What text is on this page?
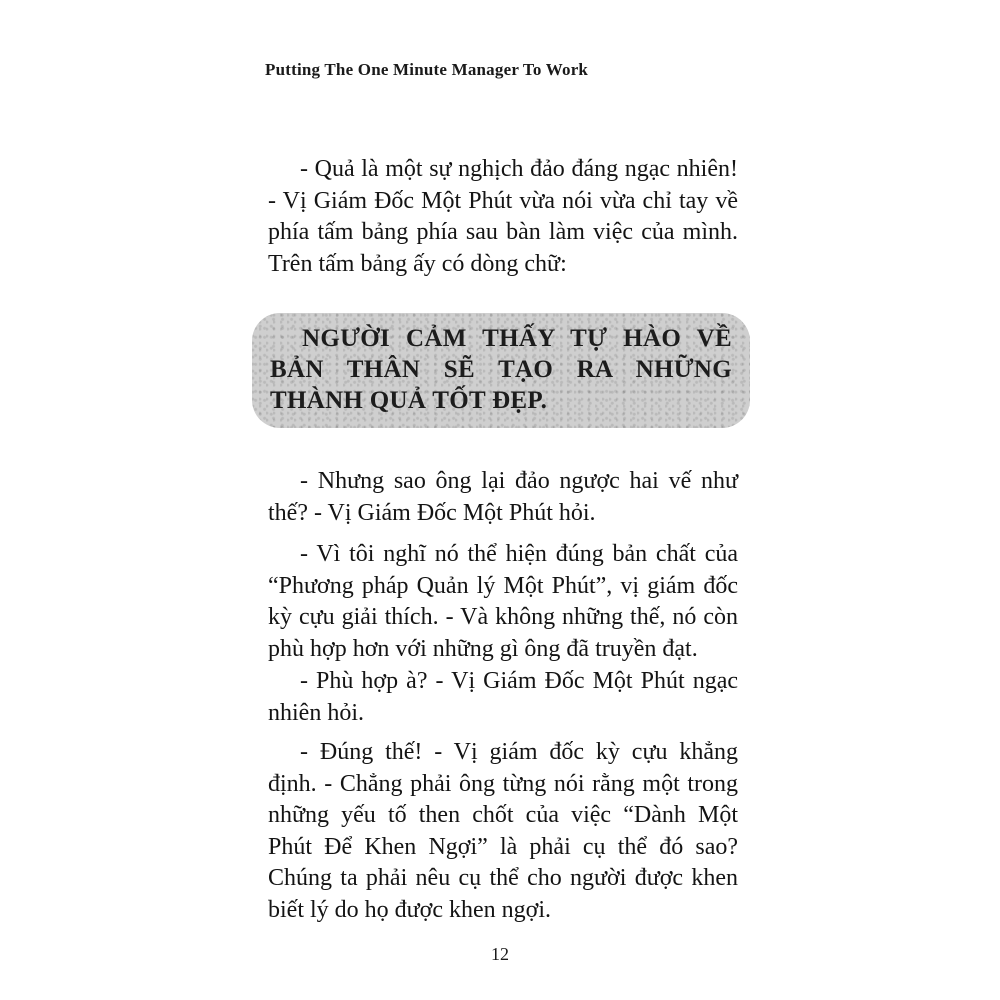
Putting The One Minute Manager To Work

- Quả là một sự nghịch đảo đáng ngạc nhiên! - Vị Giám Đốc Một Phút vừa nói vừa chỉ tay về phía tấm bảng phía sau bàn làm việc của mình. Trên tấm bảng ấy có dòng chữ:

NGƯỜI CẢM THẤY TỰ HÀO VỀ BẢN THÂN SẼ TẠO RA NHỮNG THÀNH QUẢ TỐT ĐẸP.

- Nhưng sao ông lại đảo ngược hai vế như thế? - Vị Giám Đốc Một Phút hỏi.

- Vì tôi nghĩ nó thể hiện đúng bản chất của “Phương pháp Quản lý Một Phút”, vị giám đốc kỳ cựu giải thích. - Và không những thế, nó còn phù hợp hơn với những gì ông đã truyền đạt.

- Phù hợp à? - Vị Giám Đốc Một Phút ngạc nhiên hỏi.

- Đúng thế! - Vị giám đốc kỳ cựu khẳng định. - Chẳng phải ông từng nói rằng một trong những yếu tố then chốt của việc “Dành Một Phút Để Khen Ngợi” là phải cụ thể đó sao? Chúng ta phải nêu cụ thể cho người được khen biết lý do họ được khen ngợi.

12
